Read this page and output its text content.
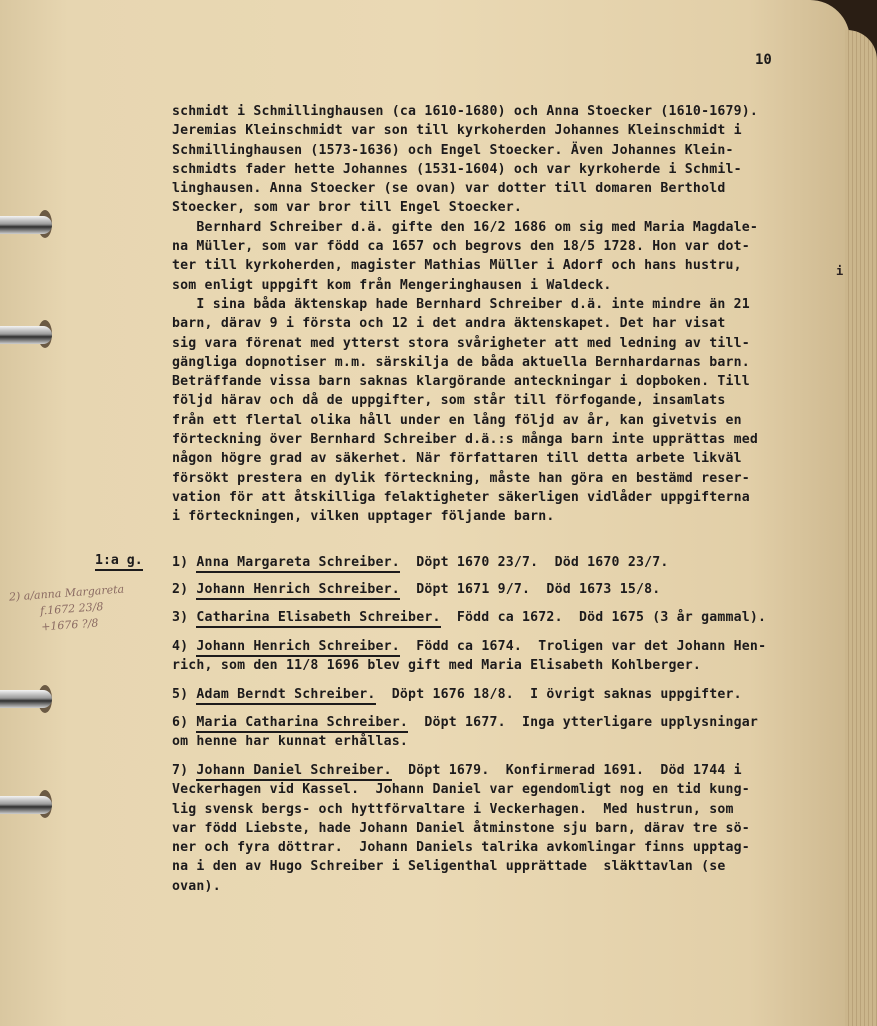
10
schmidt i Schmillinghausen (ca 1610-1680) och Anna Stoecker (1610-1679).
Jeremias Kleinschmidt var son till kyrkoherden Johannes Kleinschmidt i
Schmillinghausen (1573-1636) och Engel Stoecker. Även Johannes Klein-
schmidts fader hette Johannes (1531-1604) och var kyrkoherde i Schmil-
linghausen. Anna Stoecker (se ovan) var dotter till domaren Berthold
Stoecker, som var bror till Engel Stoecker.
Bernhard Schreiber d.ä. gifte den 16/2 1686 om sig med Maria Magdale-
na Müller, som var född ca 1657 och begrovs den 18/5 1728. Hon var dot-
ter till kyrkoherden, magister Mathias Müller i Adorf och hans hustru,
som enligt uppgift kom från Mengeringhausen i Waldeck.
I sina båda äktenskap hade Bernhard Schreiber d.ä. inte mindre än 21
barn, därav 9 i första och 12 i det andra äktenskapet. Det har visat
sig vara förenat med ytterst stora svårigheter att med ledning av till-
gängliga dopnotiser m.m. särskilja de båda aktuella Bernhardarnas barn.
Beträffande vissa barn saknas klargörande anteckningar i dopboken. Till
följd härav och då de uppgifter, som står till förfogande, insamlats
från ett flertal olika håll under en lång följd av år, kan givetvis en
förteckning över Bernhard Schreiber d.ä.:s många barn inte upprättas med
någon högre grad av säkerhet. När författaren till detta arbete likväl
försökt prestera en dylik förteckning, måste han göra en bestämd reser-
vation för att åtskilliga felaktigheter säkerligen vidlåder uppgifterna
i förteckningen, vilken upptager följande barn.
1:a g. 1) Anna Margareta Schreiber. Döpt 1670 23/7.  Död 1670 23/7.
2) Johann Henrich Schreiber. Döpt 1671 9/7.  Död 1673 15/8.
3) Catharina Elisabeth Schreiber. Född ca 1672.  Död 1675 (3 år gammal).
4) Johann Henrich Schreiber. Född ca 1674.  Troligen var det Johann Hen-
rich, som den 11/8 1696 blev gift med Maria Elisabeth Kohlberger.
5) Adam Berndt Schreiber. Döpt 1676 18/8.  I övrigt saknas uppgifter.
6) Maria Catharina Schreiber. Döpt 1677.  Inga ytterligare upplysningar
om henne har kunnat erhållas.
7) Johann Daniel Schreiber. Döpt 1679.  Konfirmerad 1691.  Död 1744 i
Veckerhagen vid Kassel.  Johann Daniel var egendomligt nog en tid kung-
lig svensk bergs- och hyttförvaltare i Veckerhagen.  Med hustrun, som
var född Liebste, hade Johann Daniel åtminstone sju barn, därav tre sö-
ner och fyra döttrar.  Johann Daniels talrika avkomlingar finns upptag-
na i den av Hugo Schreiber i Seligenthal upprättade  släkttavlan (se
ovan).
2) a/anna Margareta
f.1672 23/8
+1676 ?/8
i
